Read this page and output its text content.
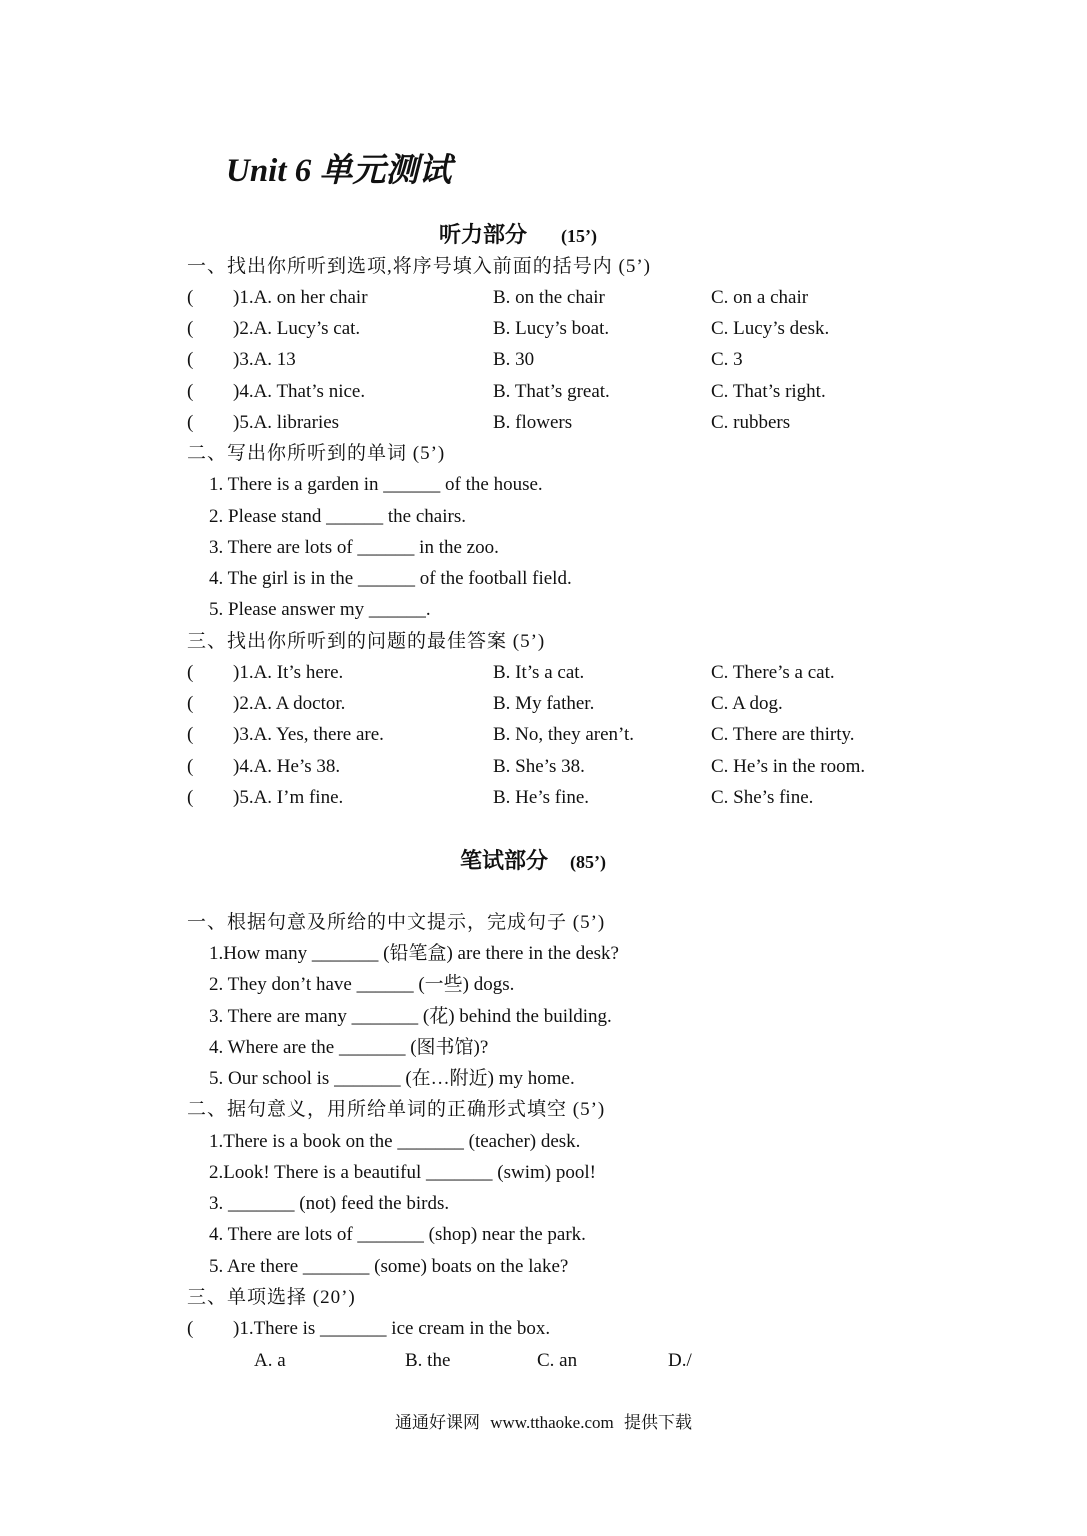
Unit 6 单元测试
听力部分 (15’)
一、找出你所听到选项,将序号填入前面的括号内 (5’)
( )1.A. on her chair	B. on the chair	C. on a chair
( )2.A. Lucy’s cat.	B. Lucy’s boat.	C. Lucy’s desk.
( )3.A. 13	B. 30	C. 3
( )4.A. That’s nice.	B. That’s great.	C. That’s right.
( )5.A. libraries	B. flowers	C. rubbers
二、写出你所听到的单词 (5’)
1. There is a garden in ______ of the house.
2. Please stand ______ the chairs.
3. There are lots of ______ in the zoo.
4. The girl is in the ______ of the football field.
5. Please answer my ______.
三、找出你所听到的问题的最佳答案 (5’)
( )1.A. It’s here.	B. It’s a cat.	C. There’s a cat.
( )2.A. A doctor.	B. My father.	C. A dog.
( )3.A. Yes, there are.	B. No, they aren’t.	C. There are thirty.
( )4.A. He’s 38.	B. She’s 38.	C. He’s in the room.
( )5.A. I’m fine.	B. He’s fine.	C. She’s fine.
笔试部分 (85’)
一、根据句意及所给的中文提示，完成句子 (5’)
1.How many _______ (铅笔盒) are there in the desk?
2. They don’t have ______ (一些) dogs.
3. There are many _______ (花) behind the building.
4. Where are the _______ (图书馆)?
5. Our school is _______ (在…附近) my home.
二、据句意义，用所给单词的正确形式填空 (5’)
1.There is a book on the _______ (teacher) desk.
2.Look! There is a beautiful _______ (swim) pool!
3. _______ (not) feed the birds.
4. There are lots of _______ (shop) near the park.
5. Are there _______ (some) boats on the lake?
三、单项选择 (20’)
( )1.There is _______ ice cream in the box.
A. a	B. the	C. an	D./
通通好课网 www.tthaoke.com 提供下载
